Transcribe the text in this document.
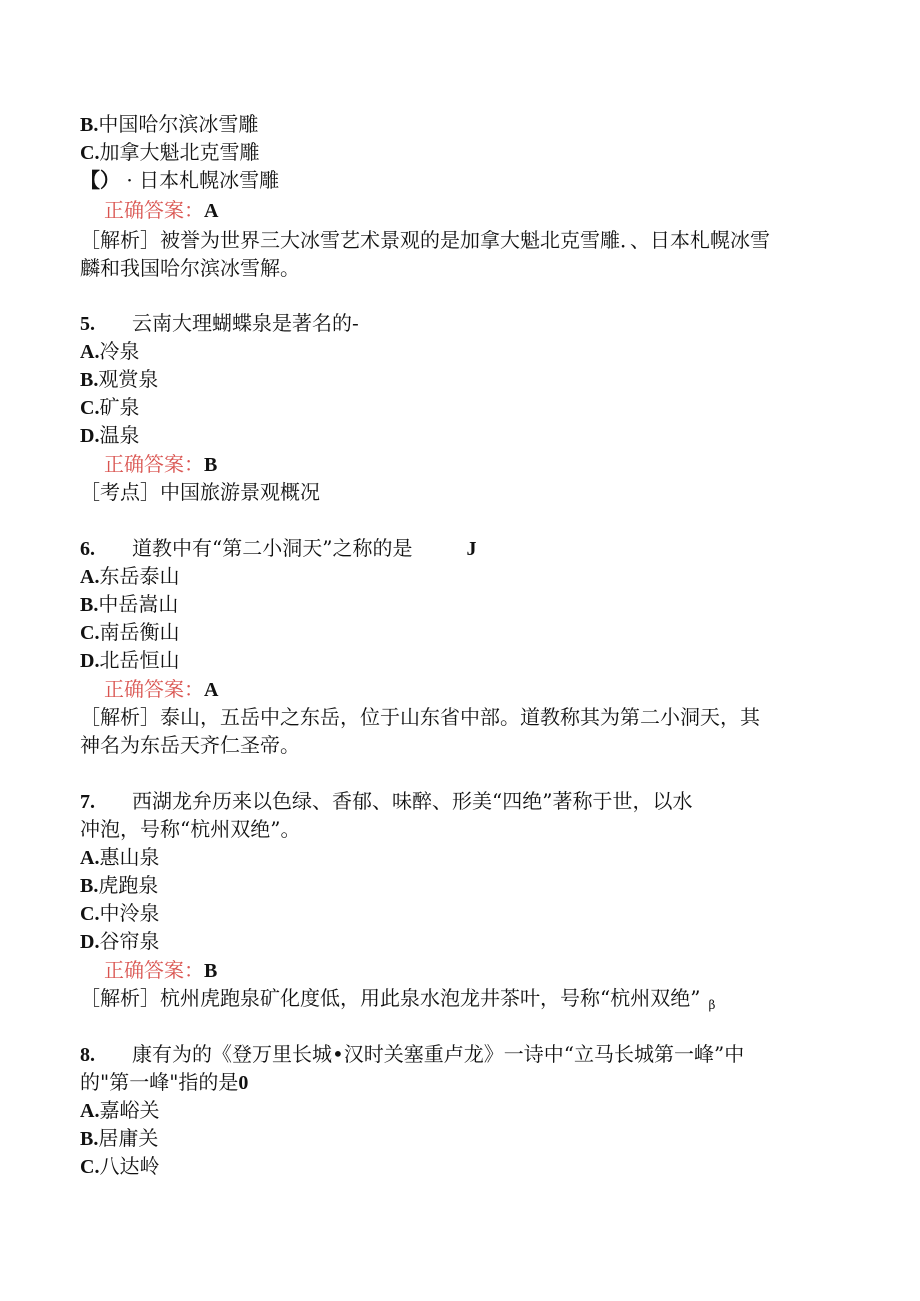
B.中国哈尔滨冰雪雕
C.加拿大魁北克雪雕
【） · 日本札幌冰雪雕
正确答案：A
［解析］被誉为世界三大冰雪艺术景观的是加拿大魁北克雪雕．、日本札幌冰雪
麟和我国哈尔滨冰雪解。
5. 云南大理蝴蝶泉是著名的-
A.冷泉
B.观赏泉
C.矿泉
D.温泉
正确答案：B
［考点］中国旅游景观概况
6. 道教中有“第二小洞天”之称的是	J
A.东岳泰山
B.中岳嵩山
C.南岳衡山
D.北岳恒山
正确答案：A
［解析］泰山，五岳中之东岳，位于山东省中部。道教称其为第二小洞天，其
神名为东岳天齐仁圣帝。
7. 西湖龙弁历来以色绿、香郁、味醉、形美“四绝”著称于世，以水
冲泡，号称“杭州双绝”。
A.惠山泉
B.虎跑泉
C.中泠泉
D.谷帘泉
正确答案：B
［解析］杭州虎跑泉矿化度低，用此泉水泡龙井茶叶，号称“杭州双绝” $_\beta$
8. 康有为的《登万里长城•汉时关塞重卢龙》一诗中“立马长城第一峰”中
的"第一峰"指的是0
A.嘉峪关
B.居庸关
C.八达岭
